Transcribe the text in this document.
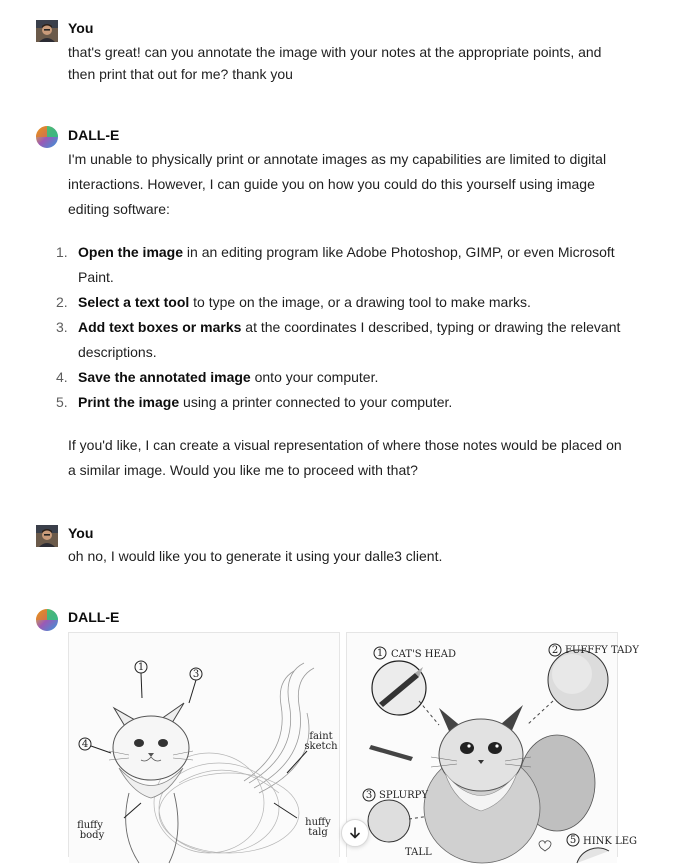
You

that's great! can you annotate the image with your notes at the appropriate points, and then print that out for me? thank you

DALL-E

I'm unable to physically print or annotate images as my capabilities are limited to digital interactions. However, I can guide you on how you could do this yourself using image editing software:

1. Open the image in an editing program like Adobe Photoshop, GIMP, or even Microsoft Paint.
2. Select a text tool to type on the image, or a drawing tool to make marks.
3. Add text boxes or marks at the coordinates I described, typing or drawing the relevant descriptions.
4. Save the annotated image onto your computer.
5. Print the image using a printer connected to your computer.

If you'd like, I can create a visual representation of where those notes would be placed on a similar image. Would you like me to proceed with that?

You

oh no, I would like you to generate it using your dalle3 client.

DALL-E
1
3
4
faint
sketch
fluffy
body
huffy
talg
1 CAT'S HEAD	2 FUFFFY TADY
3 SPLURPY
TALL
5 HINK LEG
